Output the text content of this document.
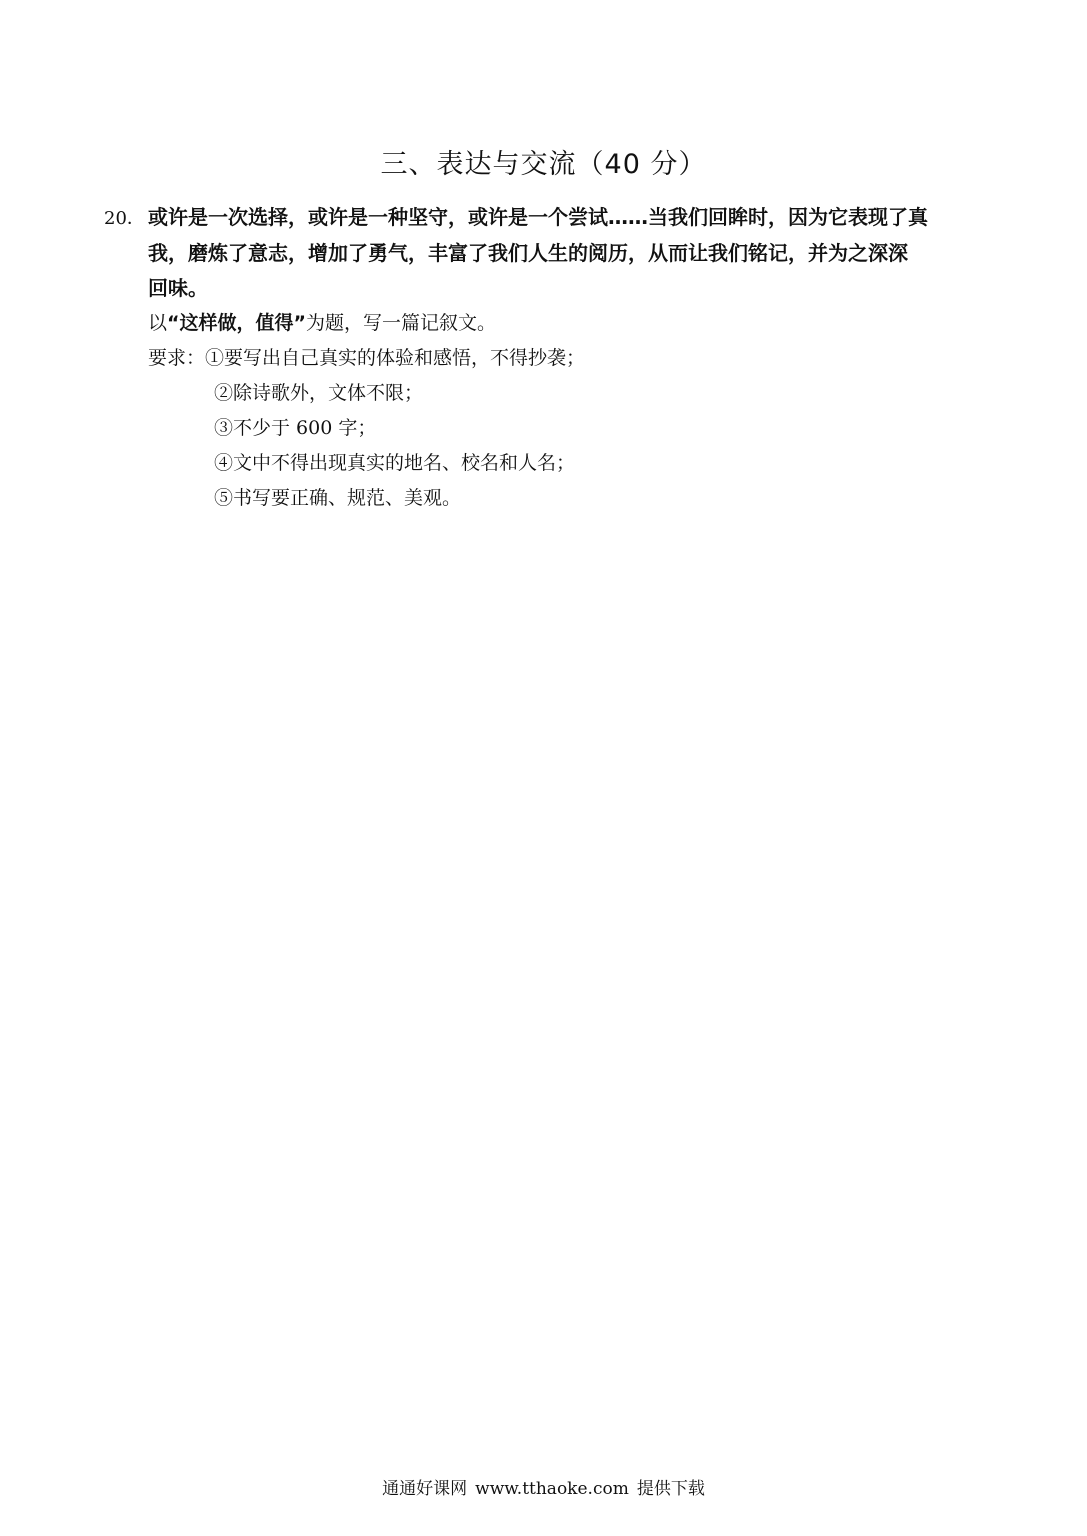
三、表达与交流（40 分）
20． 或许是一次选择，或许是一种坚守，或许是一个尝试……当我们回眸时，因为它表现了真
我，磨炼了意志，增加了勇气，丰富了我们人生的阅历，从而让我们铭记，并为之深深
回味。
以“这样做，值得”为题，写一篇记叙文。
要求：①要写出自己真实的体验和感悟，不得抄袭；
②除诗歌外，文体不限；
③不少于 600 字；
④文中不得出现真实的地名、校名和人名；
⑤书写要正确、规范、美观。
通通好课网 www.tthaoke.com 提供下载
